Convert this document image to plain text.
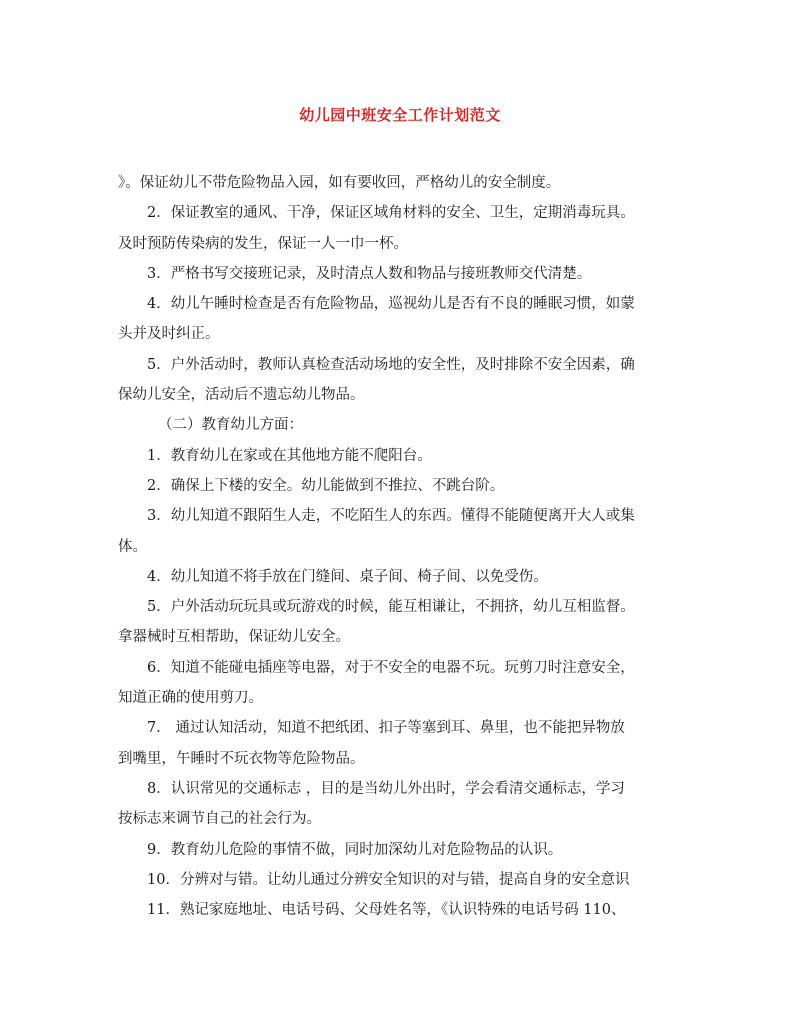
幼儿园中班安全工作计划范文

》。保证幼儿不带危险物品入园，如有要收回，严格幼儿的安全制度。

2．保证教室的通风、干净，保证区域角材料的安全、卫生，定期消毒玩具。

及时预防传染病的发生，保证一人一巾一杯。

3．严格书写交接班记录，及时清点人数和物品与接班教师交代清楚。

4．幼儿午睡时检查是否有危险物品，巡视幼儿是否有不良的睡眠习惯，如蒙

头并及时纠正。

5．户外活动时，教师认真检查活动场地的安全性，及时排除不安全因素，确

保幼儿安全，活动后不遗忘幼儿物品。

（二）教育幼儿方面：

1．教育幼儿在家或在其他地方能不爬阳台。

2．确保上下楼的安全。幼儿能做到不推拉、不跳台阶。

3．幼儿知道不跟陌生人走，不吃陌生人的东西。懂得不能随便离开大人或集

体。

4．幼儿知道不将手放在门缝间、桌子间、椅子间、以免受伤。

5．户外活动玩玩具或玩游戏的时候，能互相谦让，不拥挤，幼儿互相监督。

拿器械时互相帮助，保证幼儿安全。

6．知道不能碰电插座等电器，对于不安全的电器不玩。玩剪刀时注意安全，

知道正确的使用剪刀。

7． 通过认知活动，知道不把纸团、扣子等塞到耳、鼻里，也不能把异物放

到嘴里，午睡时不玩衣物等危险物品。

8．认识常见的交通标志 ，目的是当幼儿外出时，学会看清交通标志，学习

按标志来调节自己的社会行为。

9．教育幼儿危险的事情不做，同时加深幼儿对危险物品的认识。

10．分辨对与错。让幼儿通过分辨安全知识的对与错，提高自身的安全意识

11．熟记家庭地址、电话号码、父母姓名等，《认识特殊的电话号码 110、
